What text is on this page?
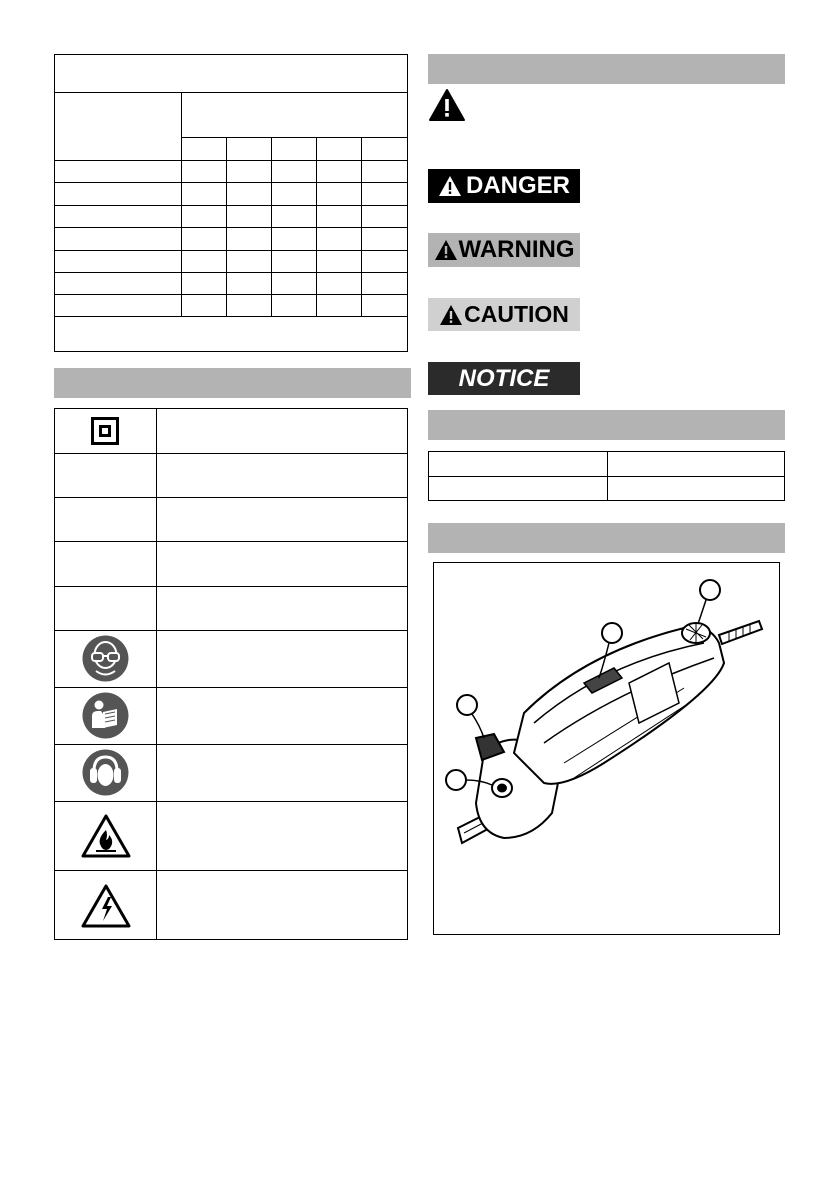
DANGER
WARNING
CAUTION
NOTICE
